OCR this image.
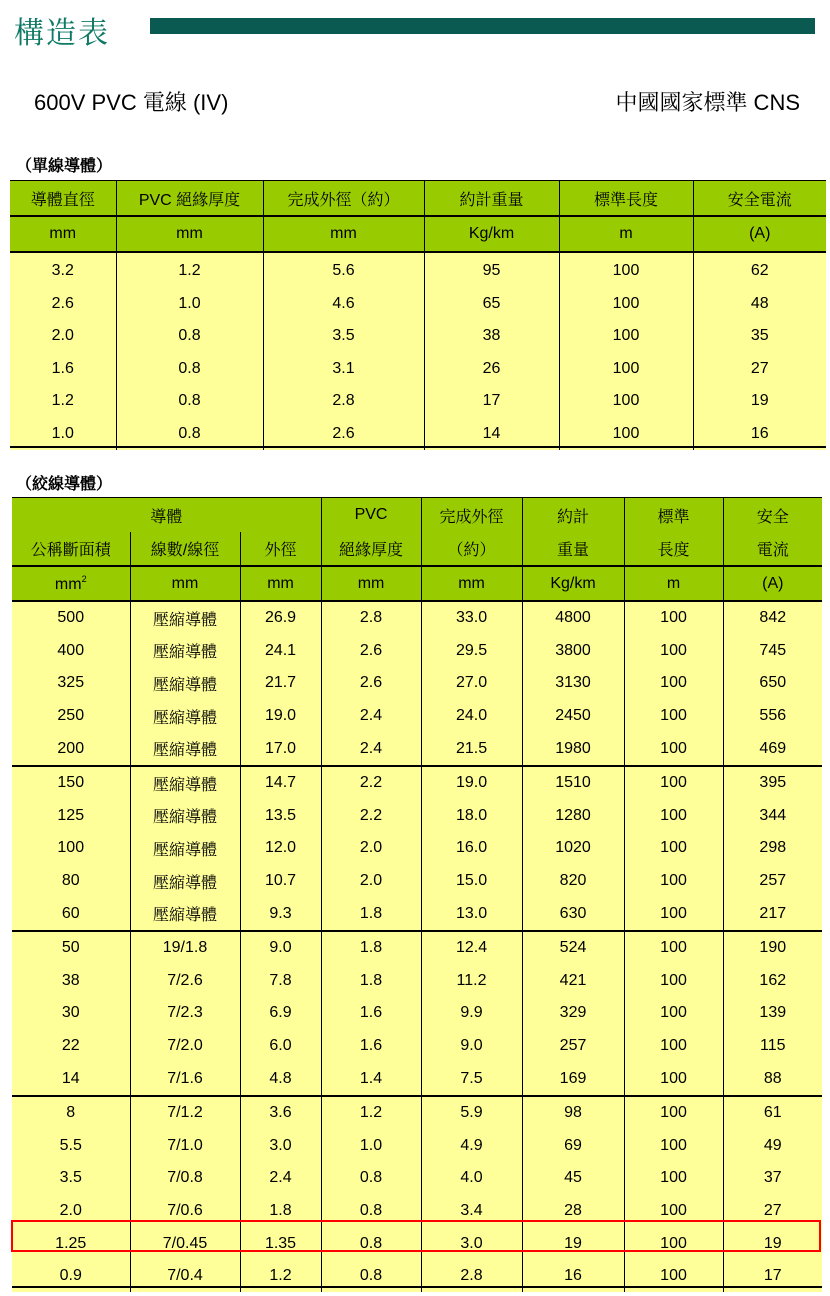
構造表
600V PVC 電線 (IV)	中國國家標準 CNS
（單線導體）
導體直徑	PVC 絕緣厚度	完成外徑（約）	約計重量	標準長度	安全電流
mm	mm	mm	Kg/km	m	(A)
3.2	1.2	5.6	95	100	62
2.6	1.0	4.6	65	100	48
2.0	0.8	3.5	38	100	35
1.6	0.8	3.1	26	100	27
1.2	0.8	2.8	17	100	19
1.0	0.8	2.6	14	100	16
（絞線導體）
導體			PVC	完成外徑	約計	標準	安全
公稱斷面積	線數/線徑	外徑	絕緣厚度	（約）	重量	長度	電流
$mm^2$	mm	mm	mm	mm	Kg/km	m	(A)
500	壓縮導體	26.9	2.8	33.0	4800	100	842
400	壓縮導體	24.1	2.6	29.5	3800	100	745
325	壓縮導體	21.7	2.6	27.0	3130	100	650
250	壓縮導體	19.0	2.4	24.0	2450	100	556
200	壓縮導體	17.0	2.4	21.5	1980	100	469
150	壓縮導體	14.7	2.2	19.0	1510	100	395
125	壓縮導體	13.5	2.2	18.0	1280	100	344
100	壓縮導體	12.0	2.0	16.0	1020	100	298
80	壓縮導體	10.7	2.0	15.0	820	100	257
60	壓縮導體	9.3	1.8	13.0	630	100	217
50	19/1.8	9.0	1.8	12.4	524	100	190
38	7/2.6	7.8	1.8	11.2	421	100	162
30	7/2.3	6.9	1.6	9.9	329	100	139
22	7/2.0	6.0	1.6	9.0	257	100	115
14	7/1.6	4.8	1.4	7.5	169	100	88
8	7/1.2	3.6	1.2	5.9	98	100	61
5.5	7/1.0	3.0	1.0	4.9	69	100	49
3.5	7/0.8	2.4	0.8	4.0	45	100	37
2.0	7/0.6	1.8	0.8	3.4	28	100	27
1.25	7/0.45	1.35	0.8	3.0	19	100	19
0.9	7/0.4	1.2	0.8	2.8	16	100	17
